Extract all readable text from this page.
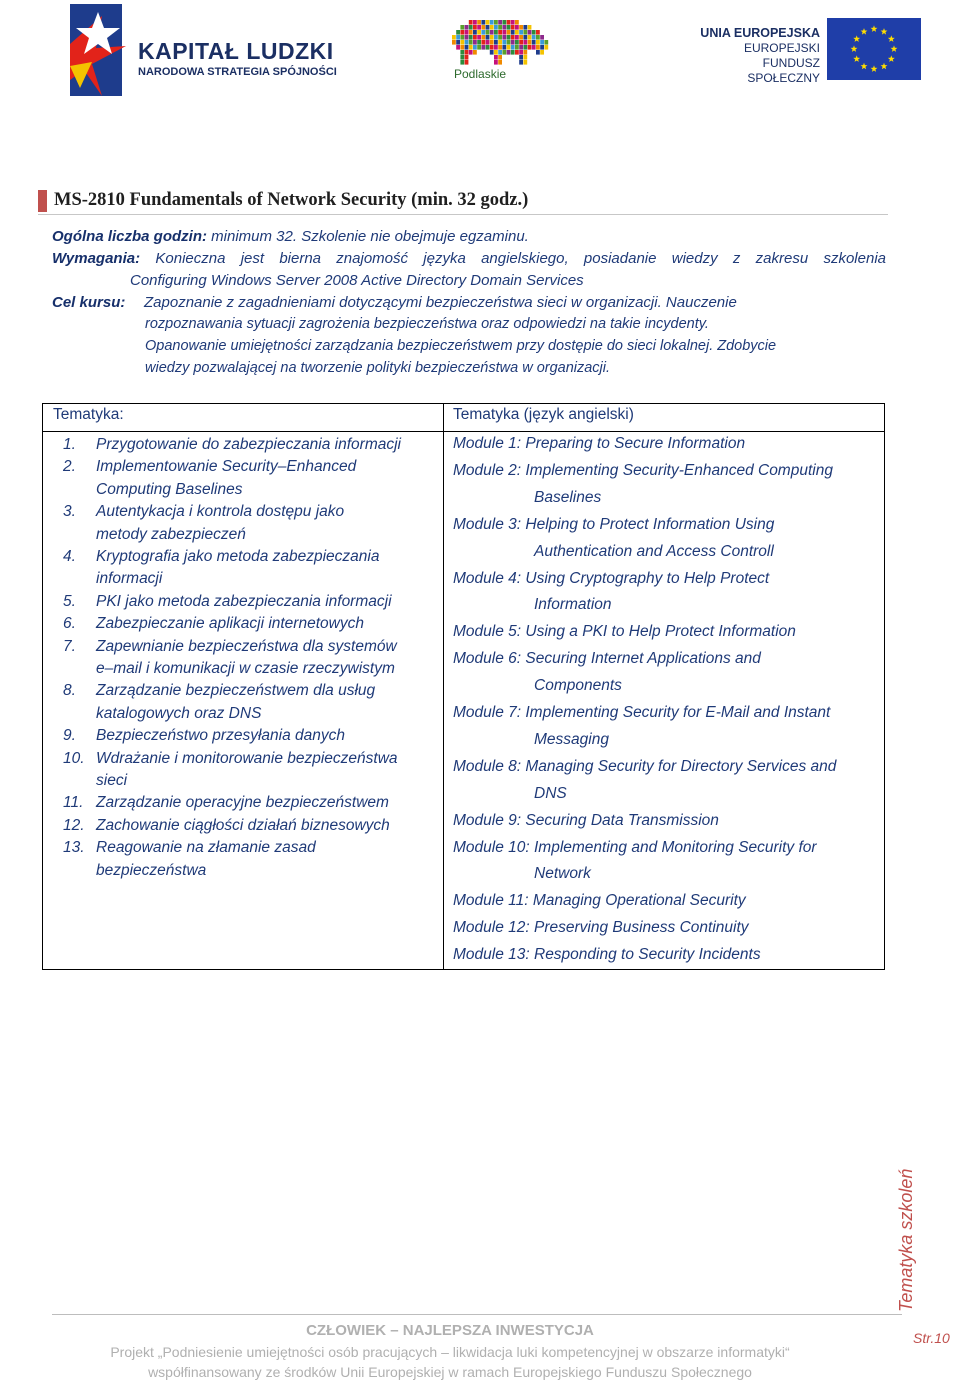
KAPITAŁ LUDZKI
NARODOWA STRATEGIA SPÓJNOŚCI	Podlaskie
UNIA EUROPEJSKA
EUROPEJSKI
FUNDUSZ SPOŁECZNY
MS-2810 Fundamentals of Network Security (min. 32 godz.)
Ogólna liczba godzin: minimum 32. Szkolenie nie obejmuje egzaminu.
Wymagania: Konieczna jest bierna znajomość języka angielskiego, posiadanie wiedzy z zakresu szkolenia
Configuring Windows Server 2008 Active Directory Domain Services
Cel kursu: Zapoznanie z zagadnieniami dotyczącymi bezpieczeństwa sieci w organizacji. Nauczenie
rozpoznawania sytuacji zagrożenia bezpieczeństwa oraz odpowiedzi na takie incydenty.
Opanowanie umiejętności zarządzania bezpieczeństwem przy dostępie do sieci lokalnej. Zdobycie
wiedzy pozwalającej na tworzenie polityki bezpieczeństwa w organizacji.
Tematyka:	Tematyka (język angielski)
1. Przygotowanie do zabezpieczania informacji
2. Implementowanie Security–Enhanced
Computing Baselines
3. Autentykacja i kontrola dostępu jako
metody zabezpieczeń
4. Kryptografia jako metoda zabezpieczania
informacji
5. PKI jako metoda zabezpieczania informacji
6. Zabezpieczanie aplikacji internetowych
7. Zapewnianie bezpieczeństwa dla systemów
e–mail i komunikacji w czasie rzeczywistym
8. Zarządzanie bezpieczeństwem dla usług
katalogowych oraz DNS
9. Bezpieczeństwo przesyłania danych
10. Wdrażanie i monitorowanie bezpieczeństwa
sieci
11. Zarządzanie operacyjne bezpieczeństwem
12. Zachowanie ciągłości działań biznesowych
13. Reagowanie na złamanie zasad
bezpieczeństwa
Module 1: Preparing to Secure Information
Module 2: Implementing Security-Enhanced Computing
Baselines
Module 3: Helping to Protect Information Using
Authentication and Access Controll
Module 4: Using Cryptography to Help Protect
Information
Module 5: Using a PKI to Help Protect Information
Module 6: Securing Internet Applications and
Components
Module 7: Implementing Security for E-Mail and Instant
Messaging
Module 8: Managing Security for Directory Services and
DNS
Module 9: Securing Data Transmission
Module 10: Implementing and Monitoring Security for
Network
Module 11: Managing Operational Security
Module 12: Preserving Business Continuity
Module 13: Responding to Security Incidents
Tematyka szkoleń
Str.10
CZŁOWIEK – NAJLEPSZA INWESTYCJA
Projekt „Podniesienie umiejętności osób pracujących – likwidacja luki kompetencyjnej w obszarze informatyki“
współfinansowany ze środków Unii Europejskiej w ramach Europejskiego Funduszu Społecznego
